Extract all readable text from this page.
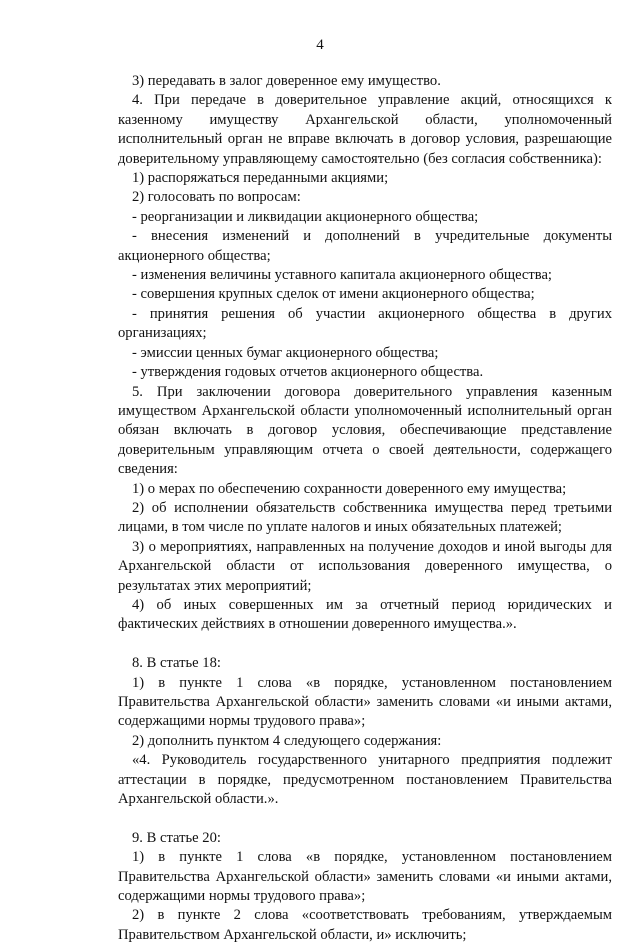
4

3) передавать в залог доверенное ему имущество.

4. При передаче в доверительное управление акций, относящихся к казенному имуществу Архангельской области, уполномоченный исполнительный орган не вправе включать в договор условия, разрешающие доверительному управляющему самостоятельно (без согласия собственника):

1) распоряжаться переданными акциями;

2) голосовать по вопросам:

- реорганизации и ликвидации акционерного общества;

- внесения изменений и дополнений в учредительные документы акционерного общества;

- изменения величины уставного капитала акционерного общества;

- совершения крупных сделок от имени акционерного общества;

- принятия решения об участии акционерного общества в других организациях;

- эмиссии ценных бумаг акционерного общества;

- утверждения годовых отчетов акционерного общества.

5. При заключении договора доверительного управления казенным имуществом Архангельской области уполномоченный исполнительный орган обязан включать в договор условия, обеспечивающие представление доверительным управляющим отчета о своей деятельности, содержащего сведения:

1) о мерах по обеспечению сохранности доверенного ему имущества;

2) об исполнении обязательств собственника имущества перед третьими лицами, в том числе по уплате налогов и иных обязательных платежей;

3) о мероприятиях, направленных на получение доходов и иной выгоды для Архангельской области от использования доверенного имущества, о результатах этих мероприятий;

4) об иных совершенных им за отчетный период юридических и фактических действиях в отношении доверенного имущества.».

8. В статье 18:

1) в пункте 1 слова «в порядке, установленном постановлением Правительства Архангельской области» заменить словами «и иными актами, содержащими нормы трудового права»;

2) дополнить пунктом 4 следующего содержания:

«4. Руководитель государственного унитарного предприятия подлежит аттестации в порядке, предусмотренном постановлением Правительства Архангельской области.».

9. В статье 20:

1) в пункте 1 слова «в порядке, установленном постановлением Правительства Архангельской области» заменить словами «и иными актами, содержащими нормы трудового права»;

2) в пункте 2 слова «соответствовать требованиям, утверждаемым Правительством Архангельской области, и» исключить;
